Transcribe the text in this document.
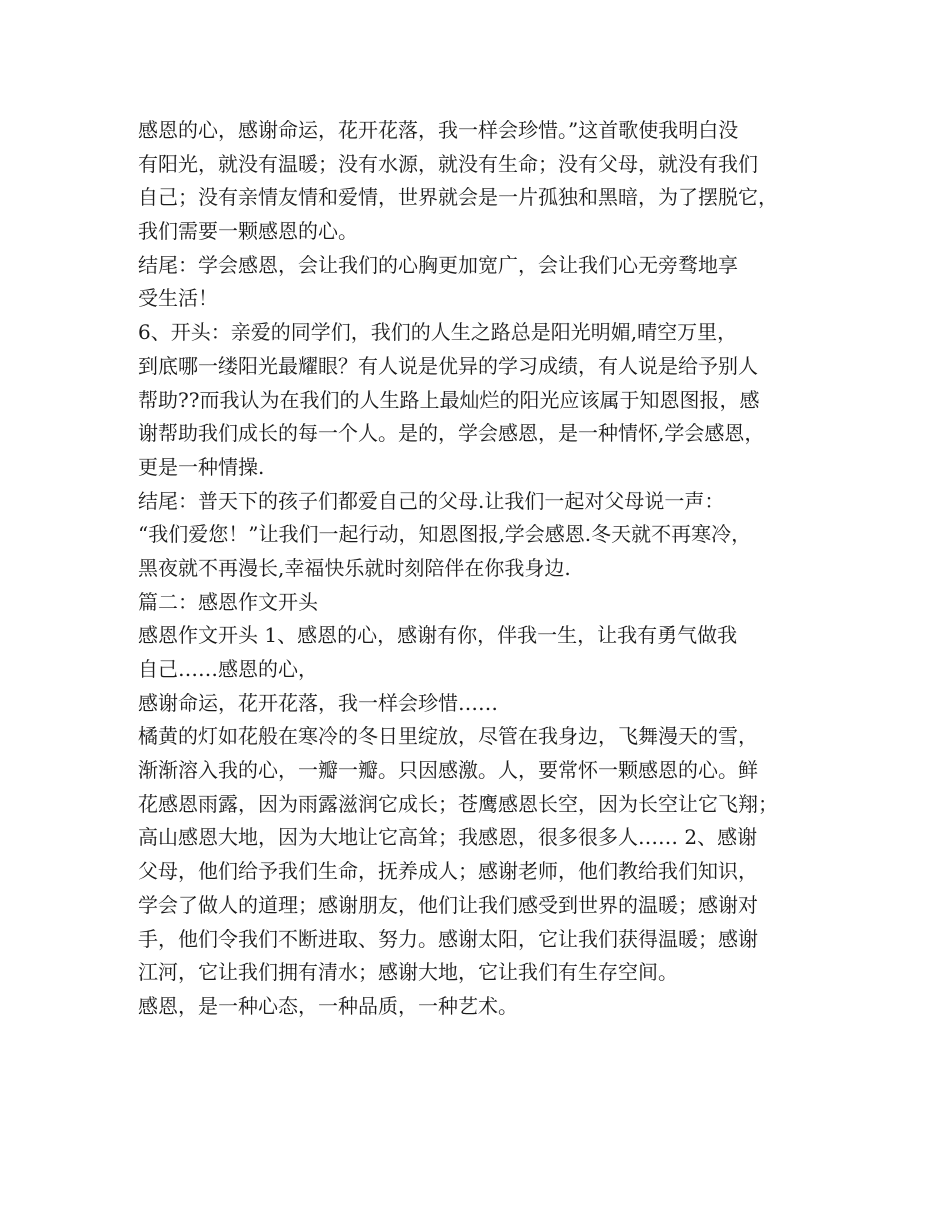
感恩的心，感谢命运，花开花落，我一样会珍惜。”这首歌使我明白没
有阳光，就没有温暖；没有水源，就没有生命；没有父母，就没有我们
自己；没有亲情友情和爱情，世界就会是一片孤独和黑暗，为了摆脱它，
我们需要一颗感恩的心。
结尾：学会感恩，会让我们的心胸更加宽广，会让我们心无旁骛地享
受生活！
6、开头：亲爱的同学们，我们的人生之路总是阳光明媚,晴空万里，
到底哪一缕阳光最耀眼？有人说是优异的学习成绩，有人说是给予别人
帮助??而我认为在我们的人生路上最灿烂的阳光应该属于知恩图报，感
谢帮助我们成长的每一个人。是的，学会感恩，是一种情怀,学会感恩，
更是一种情操.
结尾：普天下的孩子们都爱自己的父母.让我们一起对父母说一声：
“我们爱您！”让我们一起行动，知恩图报,学会感恩.冬天就不再寒冷，
黑夜就不再漫长,幸福快乐就时刻陪伴在你我身边.
篇二：感恩作文开头
感恩作文开头 1、感恩的心，感谢有你，伴我一生，让我有勇气做我
自己……感恩的心，
感谢命运，花开花落，我一样会珍惜……
橘黄的灯如花般在寒冷的冬日里绽放，尽管在我身边，飞舞漫天的雪，
渐渐溶入我的心，一瓣一瓣。只因感激。人，要常怀一颗感恩的心。鲜
花感恩雨露，因为雨露滋润它成长；苍鹰感恩长空，因为长空让它飞翔；
高山感恩大地，因为大地让它高耸；我感恩，很多很多人…… 2、感谢
父母，他们给予我们生命，抚养成人；感谢老师，他们教给我们知识，
学会了做人的道理；感谢朋友，他们让我们感受到世界的温暖；感谢对
手，他们令我们不断进取、努力。感谢太阳，它让我们获得温暖；感谢
江河，它让我们拥有清水；感谢大地，它让我们有生存空间。
感恩，是一种心态，一种品质，一种艺术。
